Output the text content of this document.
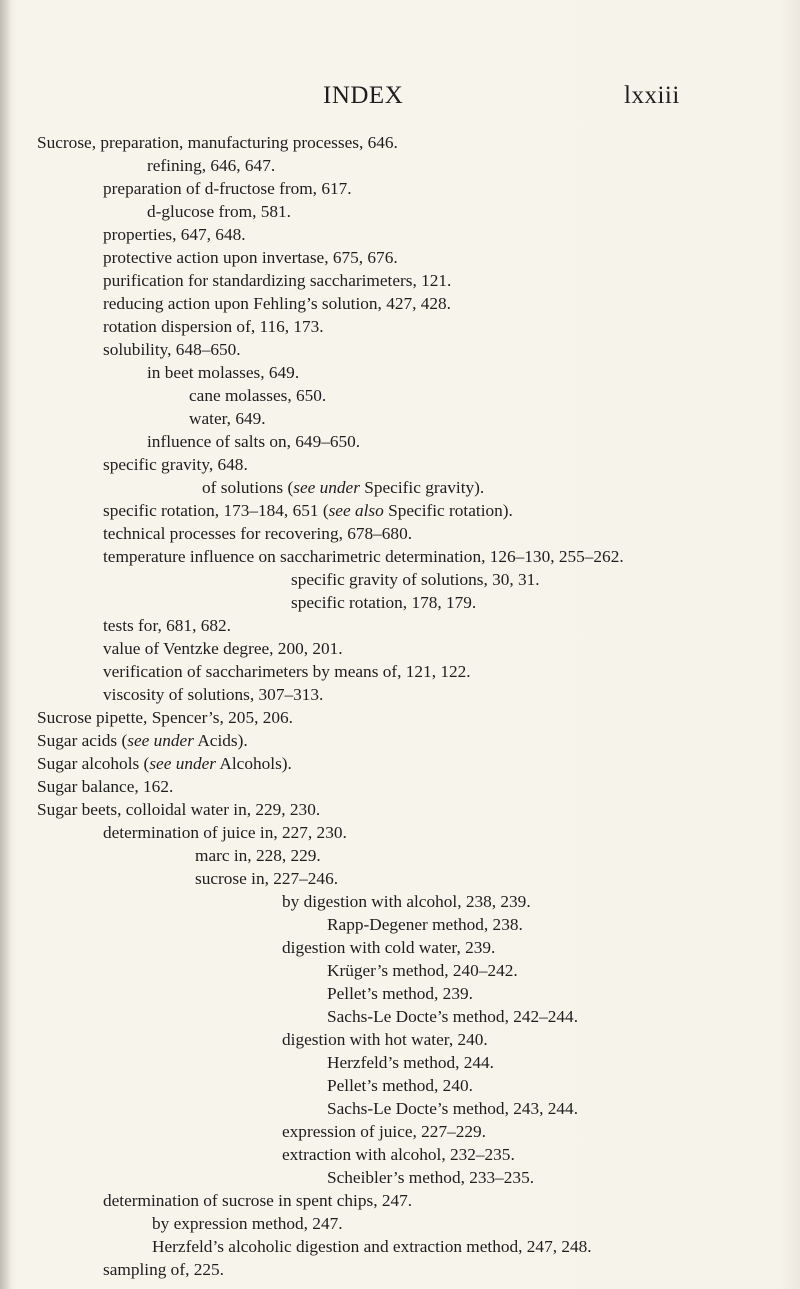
INDEX	lxxiii
Sucrose, preparation, manufacturing processes, 646.
refining, 646, 647.
preparation of d-fructose from, 617.
d-glucose from, 581.
properties, 647, 648.
protective action upon invertase, 675, 676.
purification for standardizing saccharimeters, 121.
reducing action upon Fehling’s solution, 427, 428.
rotation dispersion of, 116, 173.
solubility, 648–650.
in beet molasses, 649.
cane molasses, 650.
water, 649.
influence of salts on, 649–650.
specific gravity, 648.
of solutions (see under Specific gravity).
specific rotation, 173–184, 651 (see also Specific rotation).
technical processes for recovering, 678–680.
temperature influence on saccharimetric determination, 126–130, 255–262.
specific gravity of solutions, 30, 31.
specific rotation, 178, 179.
tests for, 681, 682.
value of Ventzke degree, 200, 201.
verification of saccharimeters by means of, 121, 122.
viscosity of solutions, 307–313.
Sucrose pipette, Spencer’s, 205, 206.
Sugar acids (see under Acids).
Sugar alcohols (see under Alcohols).
Sugar balance, 162.
Sugar beets, colloidal water in, 229, 230.
determination of juice in, 227, 230.
marc in, 228, 229.
sucrose in, 227–246.
by digestion with alcohol, 238, 239.
Rapp-Degener method, 238.
digestion with cold water, 239.
Krüger’s method, 240–242.
Pellet’s method, 239.
Sachs-Le Docte’s method, 242–244.
digestion with hot water, 240.
Herzfeld’s method, 244.
Pellet’s method, 240.
Sachs-Le Docte’s method, 243, 244.
expression of juice, 227–229.
extraction with alcohol, 232–235.
Scheibler’s method, 233–235.
determination of sucrose in spent chips, 247.
by expression method, 247.
Herzfeld’s alcoholic digestion and extraction method, 247, 248.
sampling of, 225.
